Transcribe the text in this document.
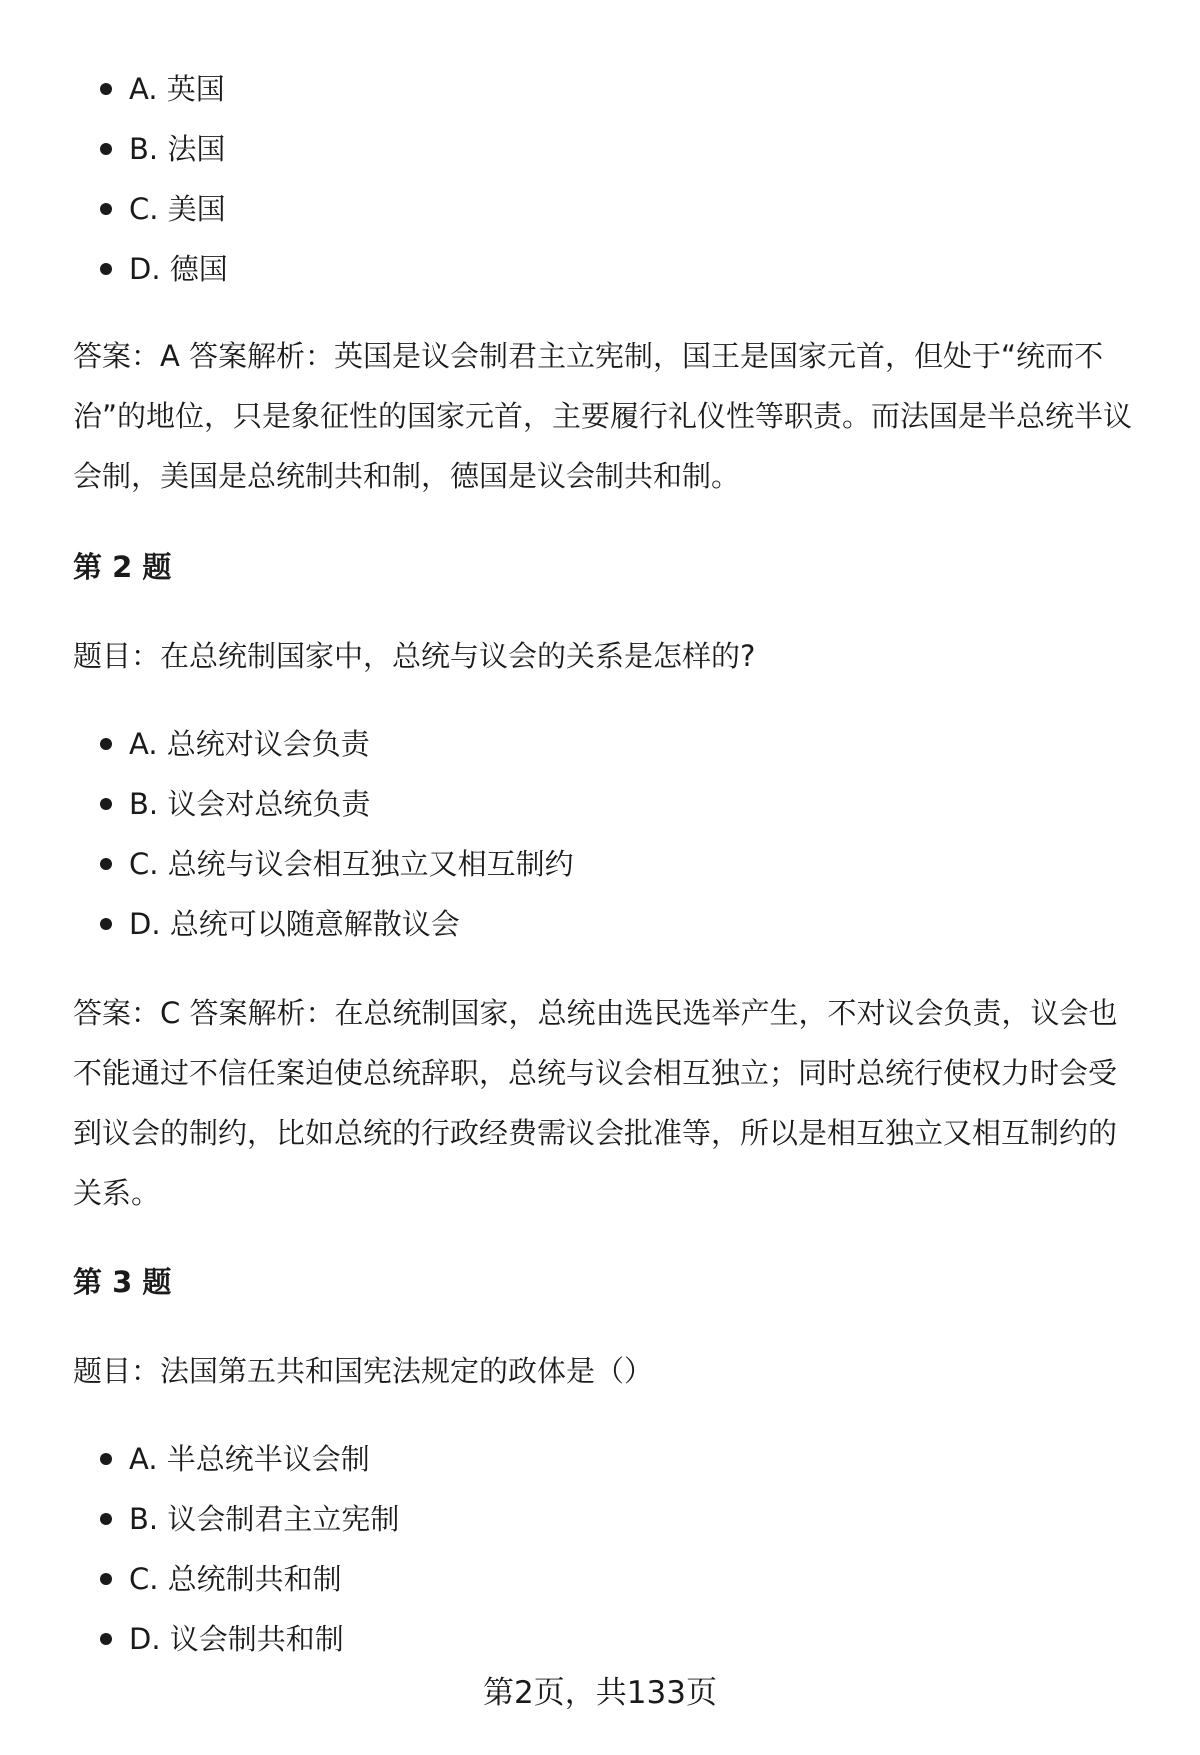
A. 英国
B. 法国
C. 美国
D. 德国

答案：A 答案解析：英国是议会制君主立宪制，国王是国家元首，但处于“统而不治”的地位，只是象征性的国家元首，主要履行礼仪性等职责。而法国是半总统半议会制，美国是总统制共和制，德国是议会制共和制。

第 2 题

题目：在总统制国家中，总统与议会的关系是怎样的?

A. 总统对议会负责
B. 议会对总统负责
C. 总统与议会相互独立又相互制约
D. 总统可以随意解散议会

答案：C 答案解析：在总统制国家，总统由选民选举产生，不对议会负责，议会也不能通过不信任案迫使总统辞职，总统与议会相互独立；同时总统行使权力时会受到议会的制约，比如总统的行政经费需议会批准等，所以是相互独立又相互制约的关系。

第 3 题

题目：法国第五共和国宪法规定的政体是（）

A. 半总统半议会制
B. 议会制君主立宪制
C. 总统制共和制
D. 议会制共和制
第2页，共133页
